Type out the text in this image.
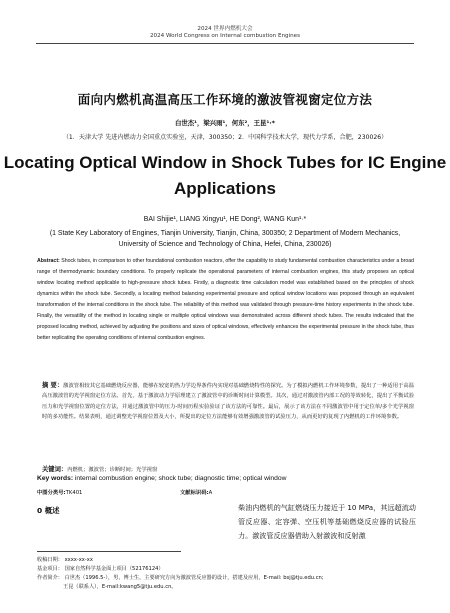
2024 世界内燃机大会
2024 World Congress on Internal combustion Engines
面向内燃机高温高压工作环境的激波管视窗定位方法
白世杰¹，梁兴雨¹，何东²，王昆¹·*
（1．天津大学 先进内燃动力全国重点实验室，天津，300350；2．中国科学技术大学，现代力学系，合肥，230026）
Locating Optical Window in Shock Tubes for IC Engine Applications
BAI Shijie¹, LIANG Xingyu¹, HE Dong², WANG Kun¹·*
(1 State Key Laboratory of Engines, Tianjin University, Tianjin, China, 300350; 2 Department of Modern Mechanics, University of Science and Technology of China, Hefei, China, 230026)
Abstract: Shock tubes, in comparison to other foundational combustion reactors, offer the capability to study fundamental combustion characteristics under a broad range of thermodynamic boundary conditions. To properly replicate the operational parameters of internal combustion engines, this study proposes an optical window locating method applicable to high-pressure shock tubes. Firstly, a diagnostic time calculation model was established based on the principles of shock dynamics within the shock tube. Secondly, a locating method balancing experimental pressure and optical window locations was proposed through an equivalent transformation of the internal conditions in the shock tube. The reliability of this method was validated through pressure-time history experiments in the shock tube. Finally, the versatility of the method in locating single or multiple optical windows was demonstrated across different shock tubes. The results indicated that the proposed locating method, achieved by adjusting the positions and sizes of optical windows, effectively enhances the experimental pressure in the shock tube, thus better replicating the operating conditions of internal combustion engines.
摘 要：激波管相较其它基础燃烧反应器，能够在较宽的热力学边界条件内实现对基础燃烧特性的探究。为了模拟内燃机工作环境参数，提出了一种适用于高温高压激波管的光学视窗定位方法。首先，基于激波动力学原理建立了激波管中的诊断时间计算模型。其次，通过对激波管内部工况的等效转化，提出了平衡试验压力和光学视窗位置的定位方法，并通过激波管中的压力-时间历程实验验证了该方法的可靠性。最后，展示了该方法在不同激波管中用于定位单/多个光学视窗时的多功能性。结果表明，通过调整光学视窗位置及大小，所提出的定位方法能够有效增强激波管的试验压力，从而更好的复现了内燃机的工作环境参数。
关键词：内燃机；激波管；诊断时间；光学视窗
Key words: internal combustion engine; shock tube; diagnostic time; optical window
中图分类号:TK401	文献标识码:A
0 概述	柴油内燃机的气缸燃烧压力接近于 10 MPa，其远超流动管反应器、定容弹、空压机等基础燃烧反应器的试验压力。激波管反应器借助入射激波和反射激
收稿日期： xxxx-xx-xx
基金项目： 国家自然科学基金面上项目（52176124）
作者简介： 白世杰（1996.5-），男，博士生，主要研究方向为激波管反应器的设计，搭建及应用，E-mail: bsj@tju.edu.cn;
王昆（联系人），E-mail:kwang5@tju.edu.cn。
